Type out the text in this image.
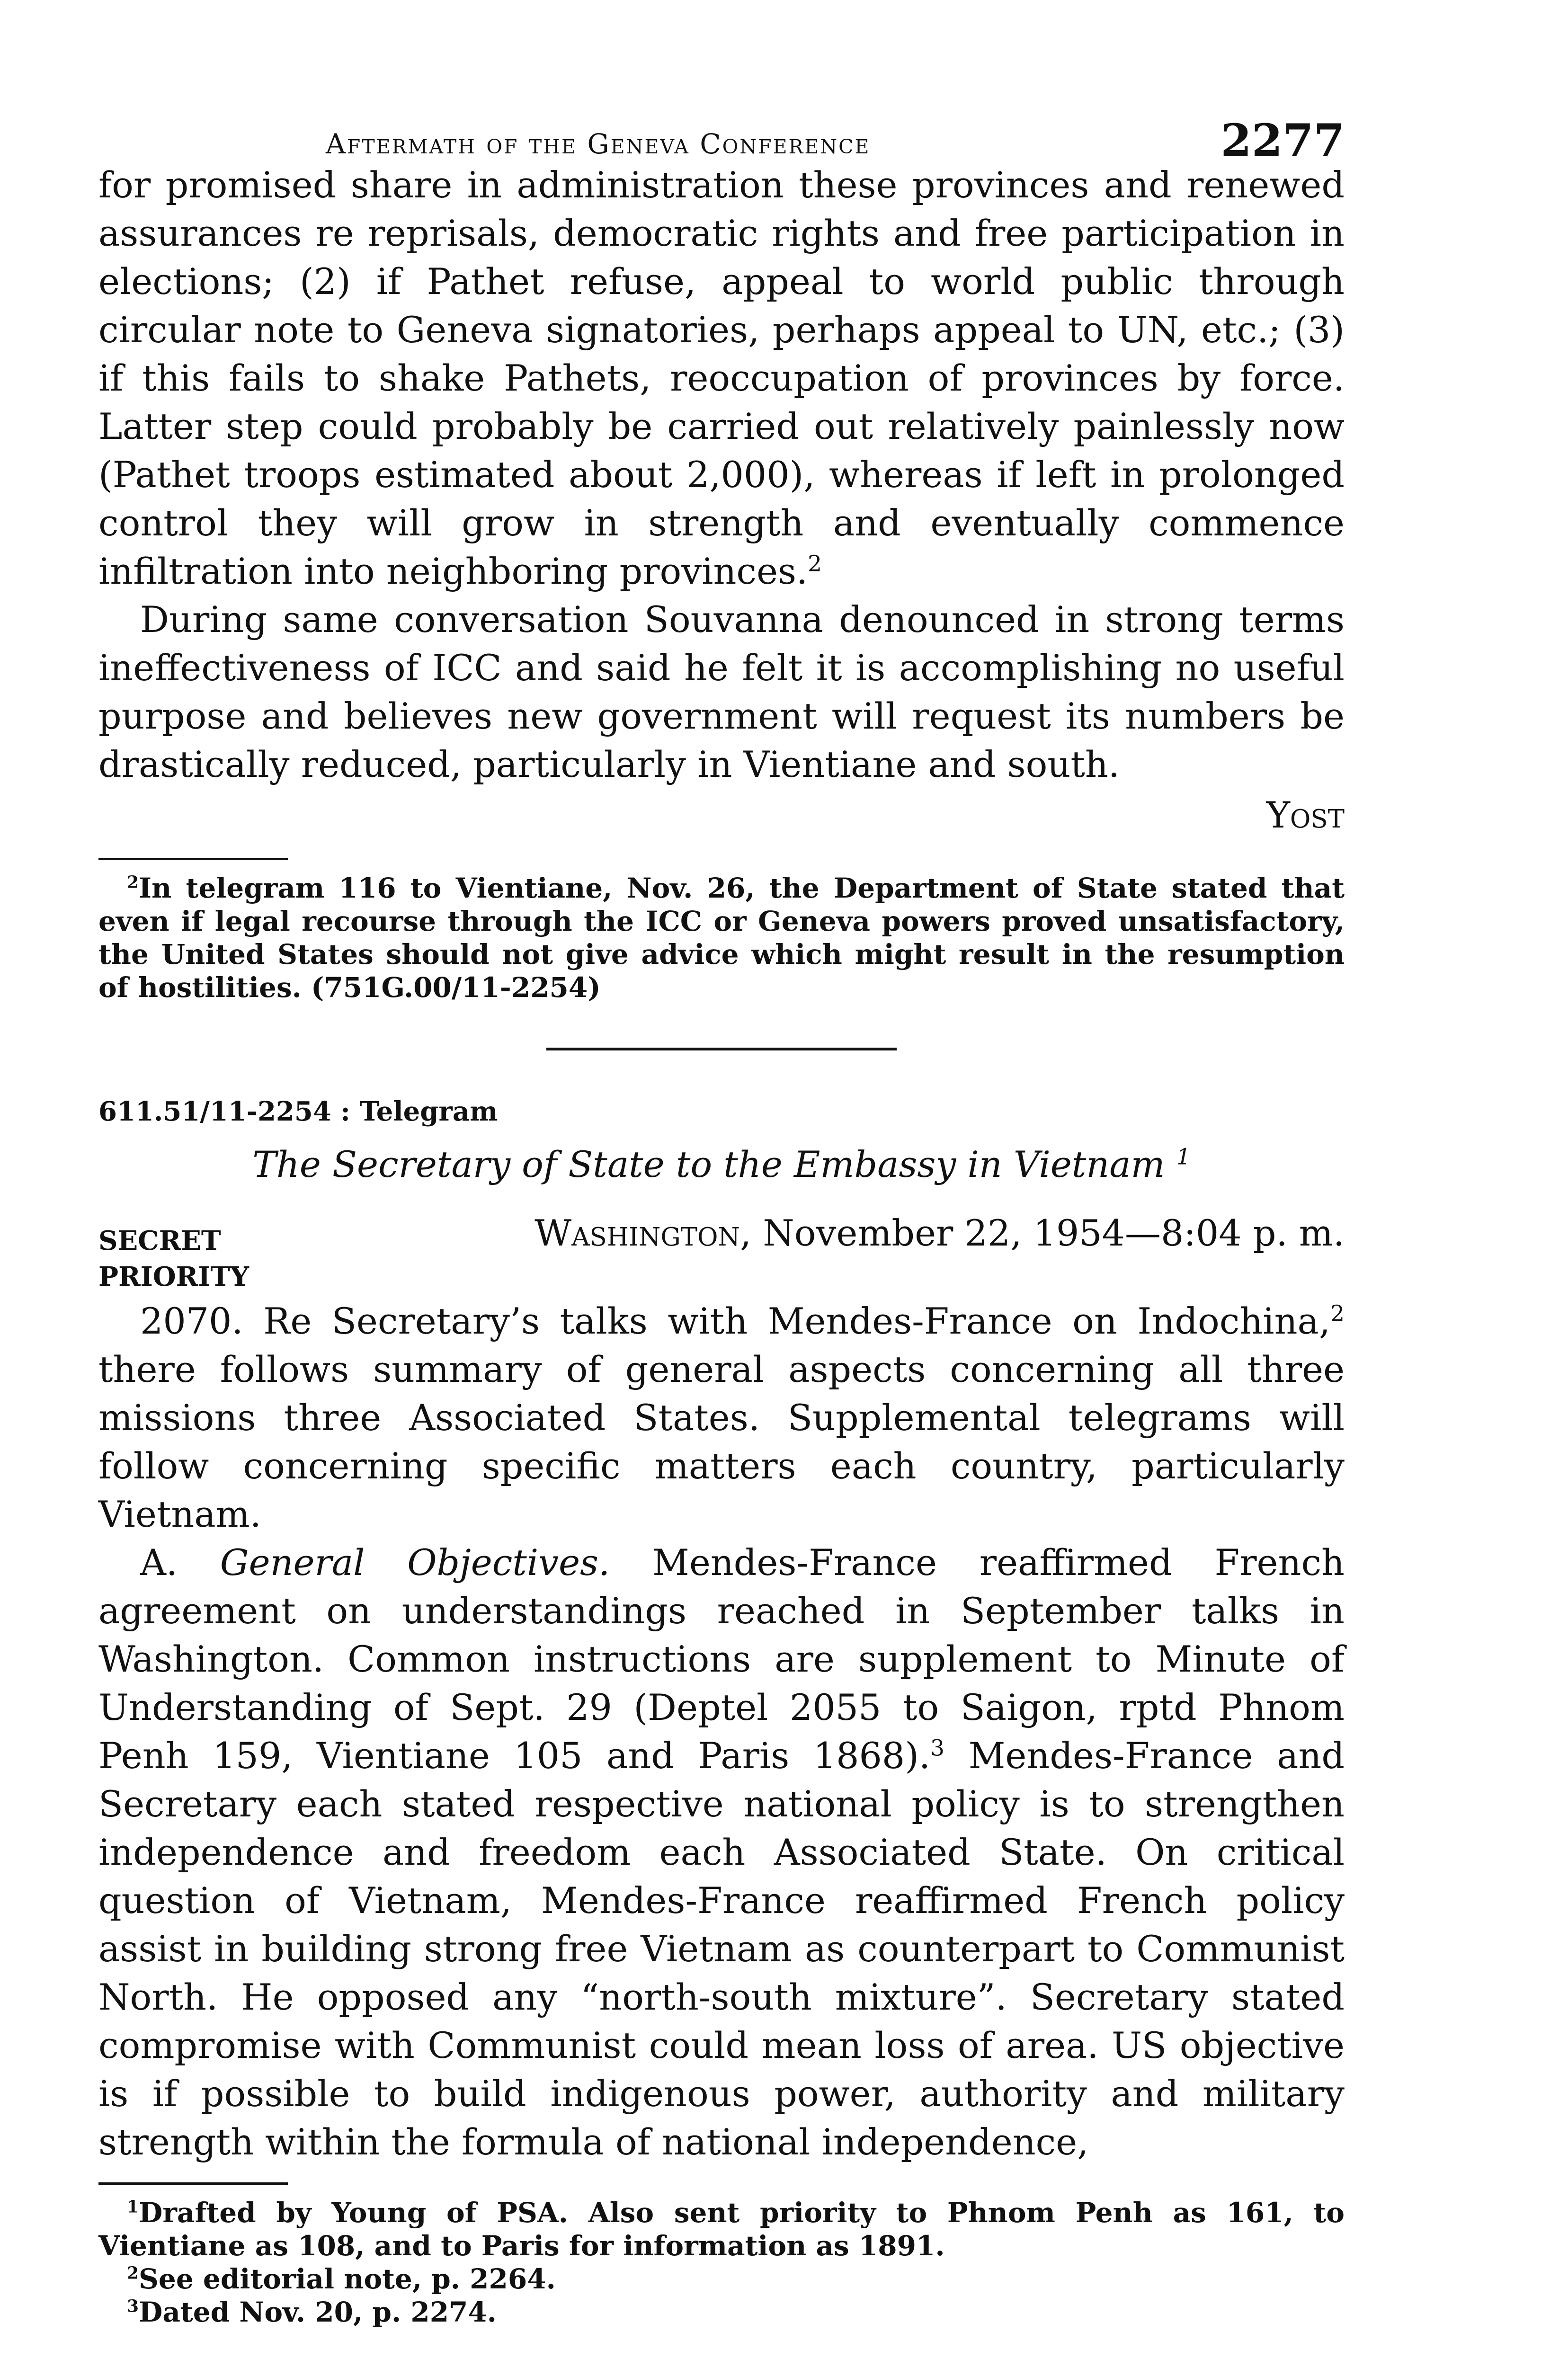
Aftermath of the Geneva Conference	2277

for promised share in administration these provinces and renewed assurances re reprisals, democratic rights and free participation in elections; (2) if Pathet refuse, appeal to world public through circular note to Geneva signatories, perhaps appeal to UN, etc.; (3) if this fails to shake Pathets, reoccupation of provinces by force. Latter step could probably be carried out relatively painlessly now (Pathet troops estimated about 2,000), whereas if left in prolonged control they will grow in strength and eventually commence infiltration into neighboring provinces.$^2$

During same conversation Souvanna denounced in strong terms ineffectiveness of ICC and said he felt it is accomplishing no useful purpose and believes new government will request its numbers be drastically reduced, particularly in Vientiane and south.

Yost

$^2$In telegram 116 to Vientiane, Nov. 26, the Department of State stated that even if legal recourse through the ICC or Geneva powers proved unsatisfactory, the United States should not give advice which might result in the resumption of hostilities. (751G.00/11-2254)

611.51/11-2254 : Telegram

The Secretary of State to the Embassy in Vietnam $^1$

SECRET	Washington, November 22, 1954—8:04 p. m.

PRIORITY

2070. Re Secretary’s talks with Mendes-France on Indochina,$^2$ there follows summary of general aspects concerning all three missions three Associated States. Supplemental telegrams will follow concerning specific matters each country, particularly Vietnam.

A. General Objectives. Mendes-France reaffirmed French agreement on understandings reached in September talks in Washington. Common instructions are supplement to Minute of Understanding of Sept. 29 (Deptel 2055 to Saigon, rptd Phnom Penh 159, Vientiane 105 and Paris 1868).$^3$ Mendes-France and Secretary each stated respective national policy is to strengthen independence and freedom each Associated State. On critical question of Vietnam, Mendes-France reaffirmed French policy assist in building strong free Vietnam as counterpart to Communist North. He opposed any “north-south mixture”. Secretary stated compromise with Communist could mean loss of area. US objective is if possible to build indigenous power, authority and military strength within the formula of national independence,

$^1$Drafted by Young of PSA. Also sent priority to Phnom Penh as 161, to Vientiane as 108, and to Paris for information as 1891.

$^2$See editorial note, p. 2264.

$^3$Dated Nov. 20, p. 2274.
